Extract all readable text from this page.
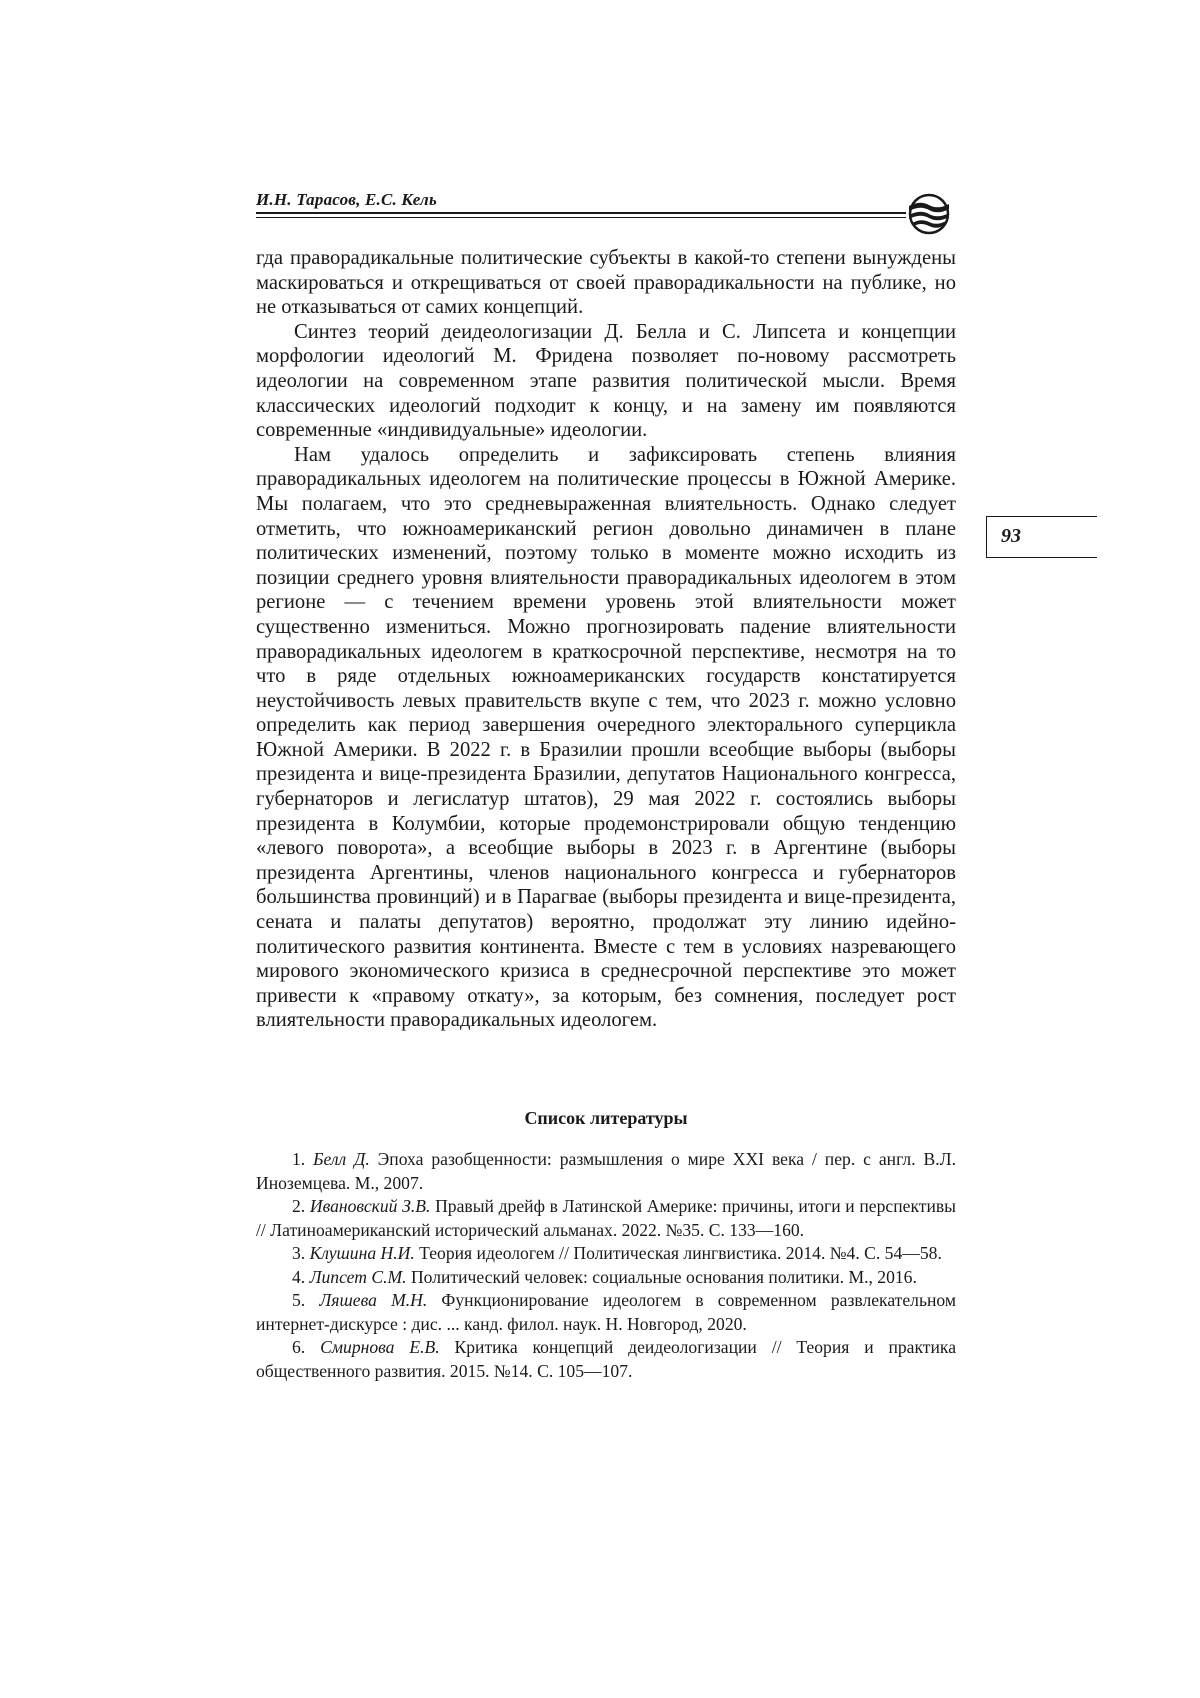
И.Н. Тарасов, Е.С. Кель
93

гда праворадикальные политические субъекты в какой-то степени вынуждены маскироваться и открещиваться от своей праворадикальности на публике, но не отказываться от самих концепций.

Синтез теорий деидеологизации Д. Белла и С. Липсета и концепции морфологии идеологий М. Фридена позволяет по-новому рассмотреть идеологии на современном этапе развития политической мысли. Время классических идеологий подходит к концу, и на замену им появляются современные «индивидуальные» идеологии.

Нам удалось определить и зафиксировать степень влияния праворадикальных идеологем на политические процессы в Южной Америке. Мы полагаем, что это средневыраженная влиятельность. Однако следует отметить, что южноамериканский регион довольно динамичен в плане политических изменений, поэтому только в моменте можно исходить из позиции среднего уровня влиятельности праворадикальных идеологем в этом регионе — с течением времени уровень этой влиятельности может существенно измениться. Можно прогнозировать падение влиятельности праворадикальных идеологем в краткосрочной перспективе, несмотря на то что в ряде отдельных южноамериканских государств констатируется неустойчивость левых правительств вкупе с тем, что 2023 г. можно условно определить как период завершения очередного электорального суперцикла Южной Америки. В 2022 г. в Бразилии прошли всеобщие выборы (выборы президента и вице-президента Бразилии, депутатов Национального конгресса, губернаторов и легислатур штатов), 29 мая 2022 г. состоялись выборы президента в Колумбии, которые продемонстрировали общую тенденцию «левого поворота», а всеобщие выборы в 2023 г. в Аргентине (выборы президента Аргентины, членов национального конгресса и губернаторов большинства провинций) и в Парагвае (выборы президента и вице-президента, сената и палаты депутатов) вероятно, продолжат эту линию идейно-политического развития континента. Вместе с тем в условиях назревающего мирового экономического кризиса в среднесрочной перспективе это может привести к «правому откату», за которым, без сомнения, последует рост влиятельности праворадикальных идеологем.

Список литературы
1. Белл Д. Эпоха разобщенности: размышления о мире XXI века / пер. с англ. В.Л. Иноземцева. М., 2007.
2. Ивановский З.В. Правый дрейф в Латинской Америке: причины, итоги и перспективы // Латиноамериканский исторический альманах. 2022. №35. С. 133—160.
3. Клушина Н.И. Теория идеологем // Политическая лингвистика. 2014. №4. С. 54—58.
4. Липсет С.М. Политический человек: социальные основания политики. М., 2016.
5. Ляшева М.Н. Функционирование идеологем в современном развлекательном интернет-дискурсе : дис. ... канд. филол. наук. Н. Новгород, 2020.
6. Смирнова Е.В. Критика концепций деидеологизации // Теория и практика общественного развития. 2015. №14. С. 105—107.
